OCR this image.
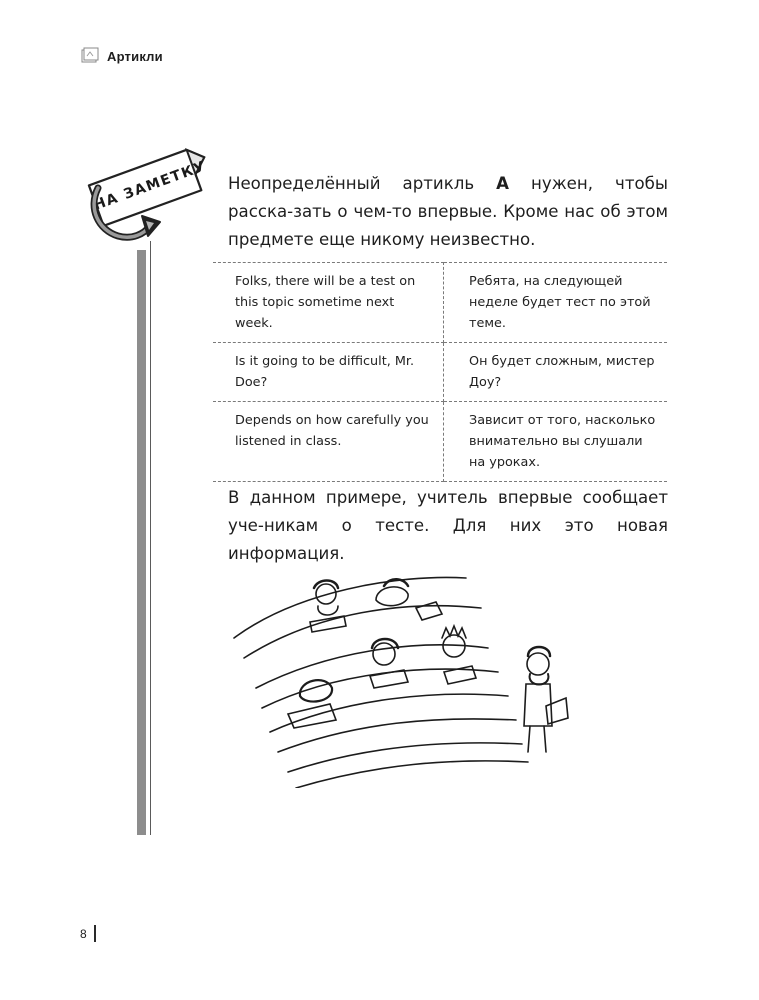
Артикли
НА ЗАМЕТКУ Неопределённый артикль A нужен, чтобы расска-зать о чем-то впервые. Кроме нас об этом предмете еще никому неизвестно.

Folks, there will be a test on this topic sometime next week.	Ребята, на следующей неделе будет тест по этой теме.
Is it going to be difficult, Mr. Doe?	Он будет сложным, мистер Доу?
Depends on how carefully you listened in class.	Зависит от того, насколько внимательно вы слушали на уроках.

В данном примере, учитель впервые сообщает уче-никам о тесте. Для них это новая информация.

8
